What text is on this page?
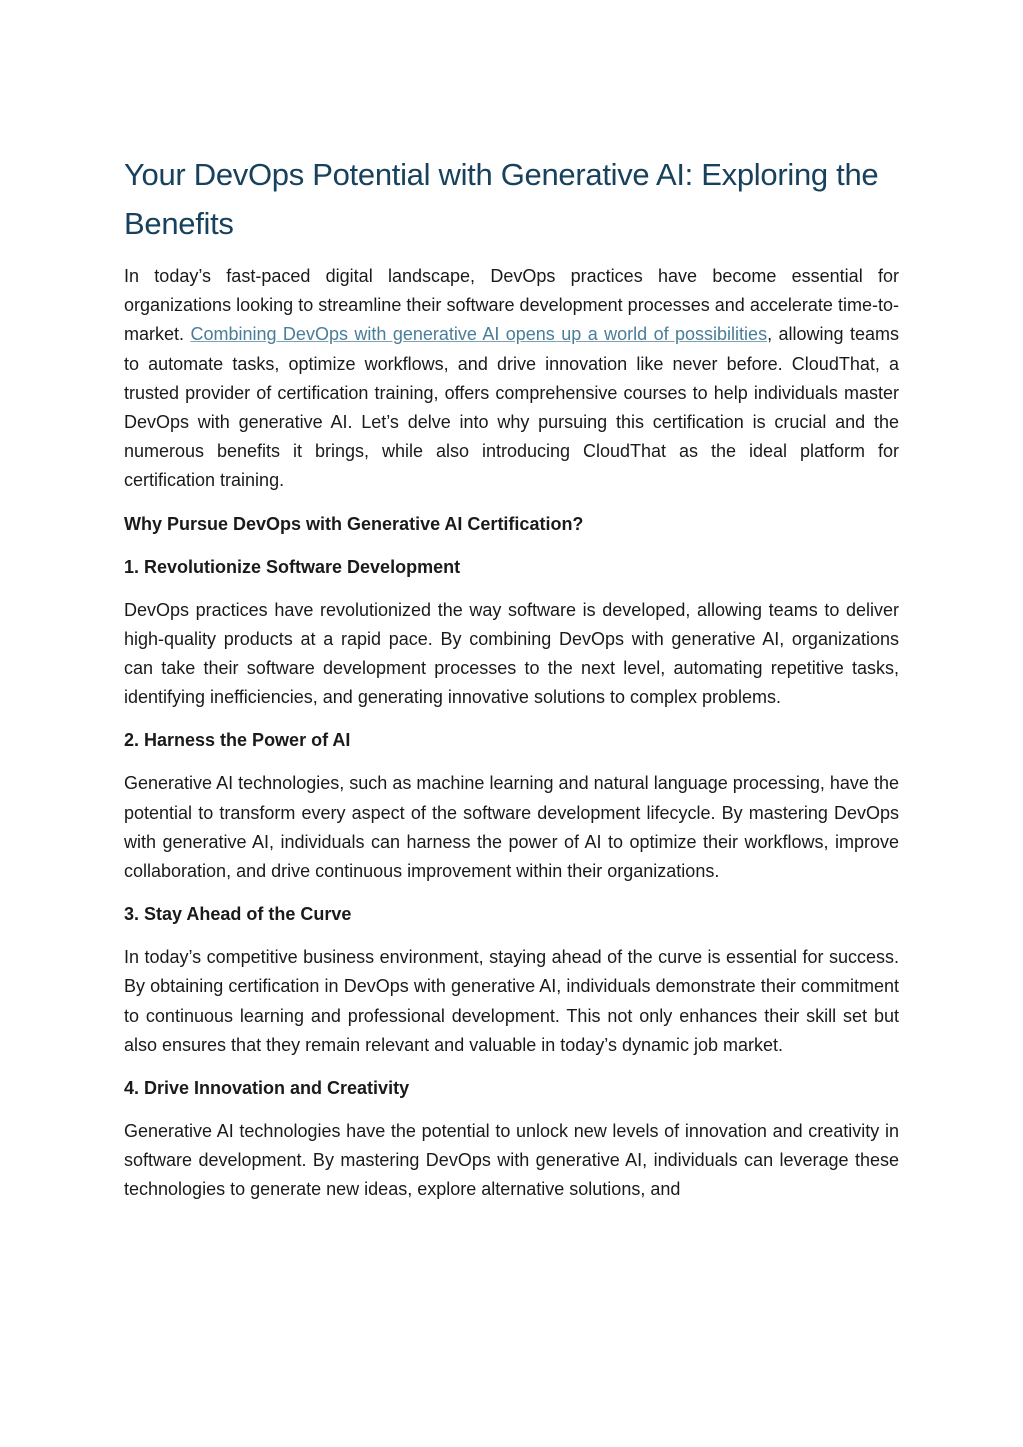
Your DevOps Potential with Generative AI: Exploring the Benefits

In today’s fast-paced digital landscape, DevOps practices have become essential for organizations looking to streamline their software development processes and accelerate time-to-market. Combining DevOps with generative AI opens up a world of possibilities, allowing teams to automate tasks, optimize workflows, and drive innovation like never before. CloudThat, a trusted provider of certification training, offers comprehensive courses to help individuals master DevOps with generative AI. Let’s delve into why pursuing this certification is crucial and the numerous benefits it brings, while also introducing CloudThat as the ideal platform for certification training.

Why Pursue DevOps with Generative AI Certification?
1. Revolutionize Software Development

DevOps practices have revolutionized the way software is developed, allowing teams to deliver high-quality products at a rapid pace. By combining DevOps with generative AI, organizations can take their software development processes to the next level, automating repetitive tasks, identifying inefficiencies, and generating innovative solutions to complex problems.

2. Harness the Power of AI

Generative AI technologies, such as machine learning and natural language processing, have the potential to transform every aspect of the software development lifecycle. By mastering DevOps with generative AI, individuals can harness the power of AI to optimize their workflows, improve collaboration, and drive continuous improvement within their organizations.

3. Stay Ahead of the Curve

In today’s competitive business environment, staying ahead of the curve is essential for success. By obtaining certification in DevOps with generative AI, individuals demonstrate their commitment to continuous learning and professional development. This not only enhances their skill set but also ensures that they remain relevant and valuable in today’s dynamic job market.

4. Drive Innovation and Creativity

Generative AI technologies have the potential to unlock new levels of innovation and creativity in software development. By mastering DevOps with generative AI, individuals can leverage these technologies to generate new ideas, explore alternative solutions, and
